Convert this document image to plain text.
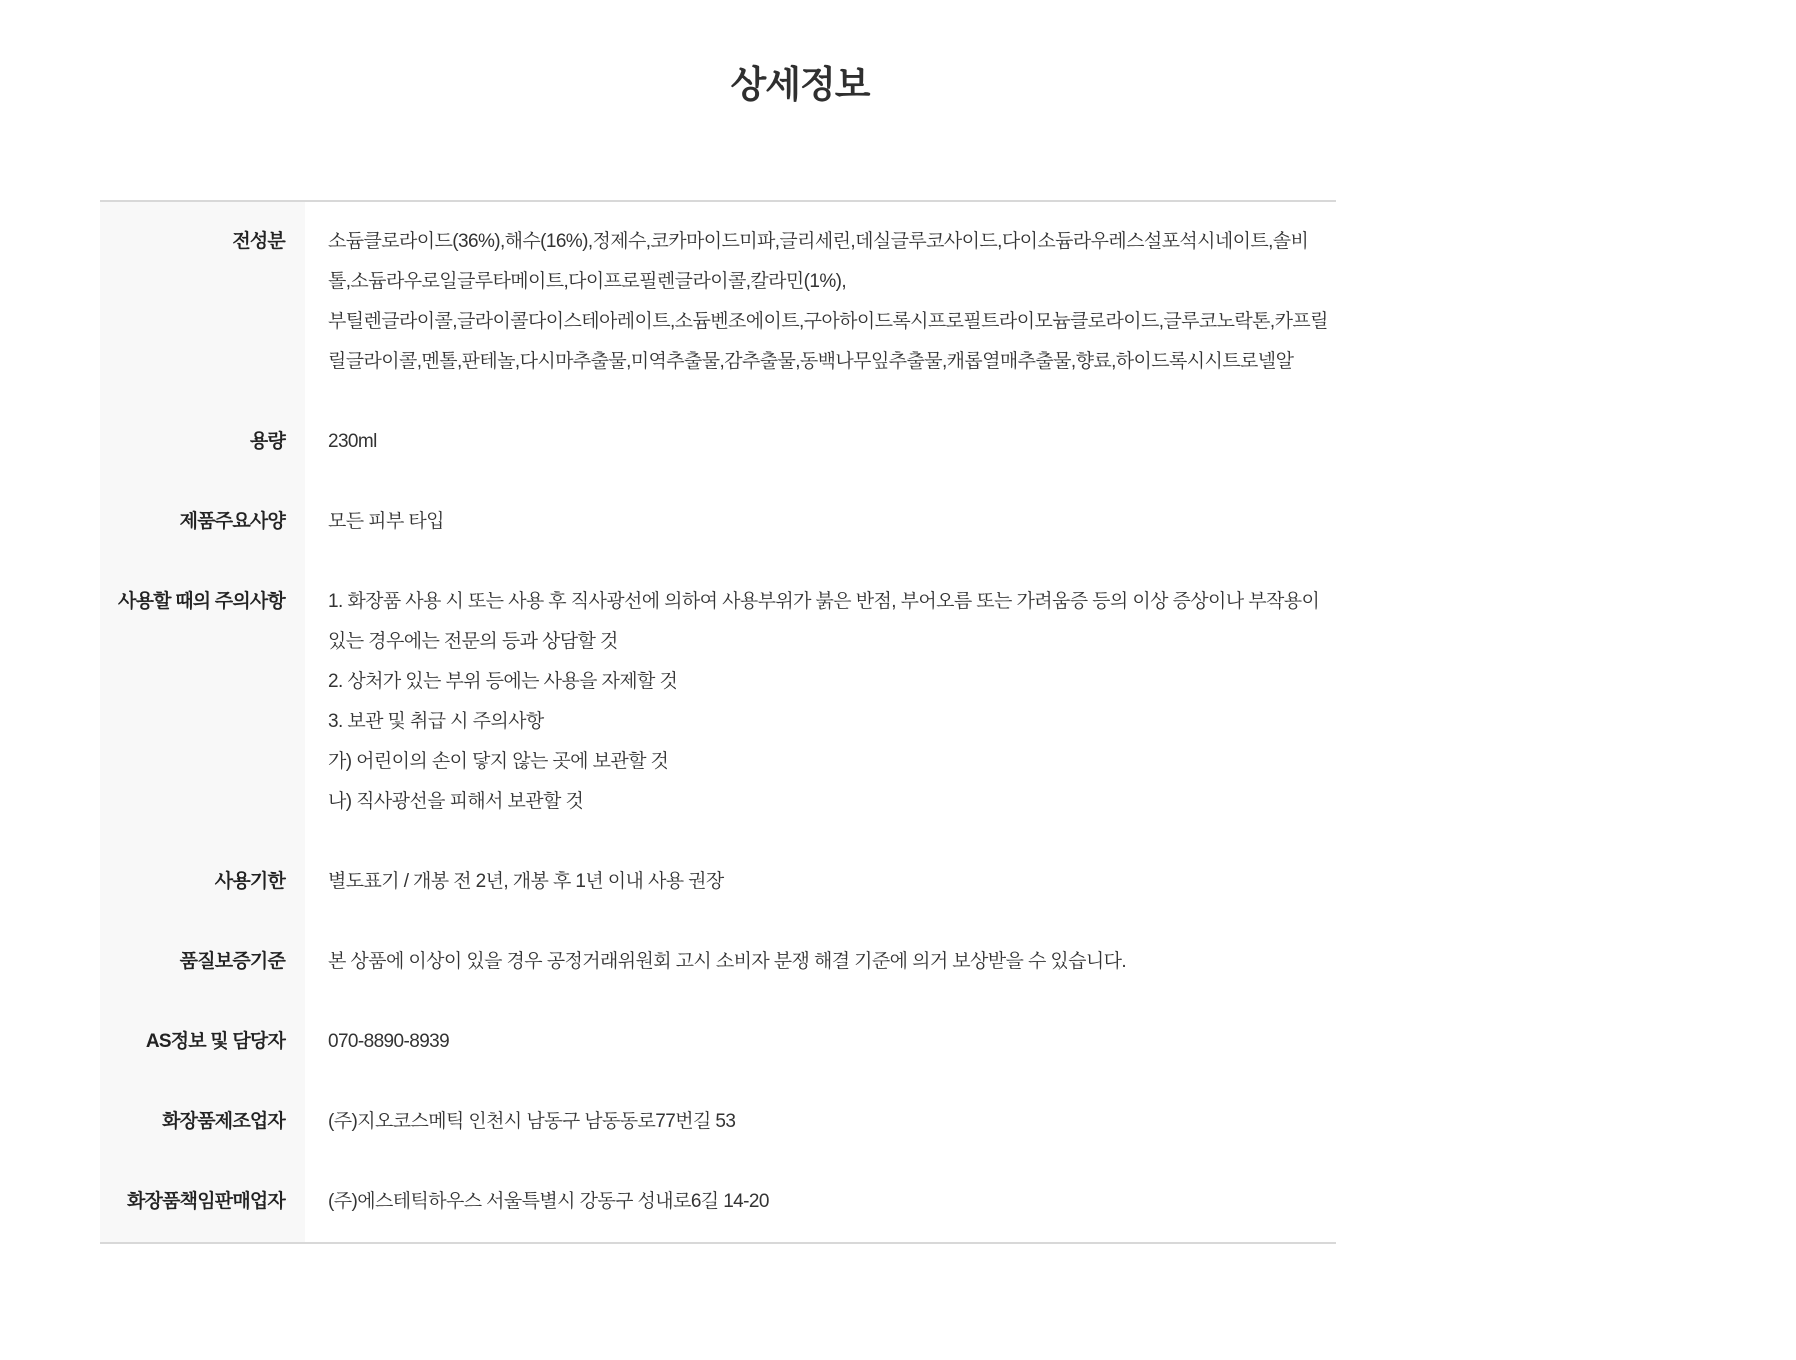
상세정보
전성분	소듐클로라이드(36%),해수(16%),정제수,코카마이드미파,글리세린,데실글루코사이드,다이소듐라우레스설포석시네이트,솔비톨,소듐라우로일글루타메이트,다이프로필렌글라이콜,칼라민(1%),
부틸렌글라이콜,글라이콜다이스테아레이트,소듐벤조에이트,구아하이드록시프로필트라이모늄클로라이드,글루코노락톤,카프릴릴글라이콜,멘톨,판테놀,다시마추출물,미역추출물,감추출물,동백나무잎추출물,캐롭열매추출물,향료,하이드록시시트로넬알
용량	230ml
제품주요사양	모든 피부 타입
사용할 때의 주의사항	1. 화장품 사용 시 또는 사용 후 직사광선에 의하여 사용부위가 붉은 반점, 부어오름 또는 가려움증 등의 이상 증상이나 부작용이 있는 경우에는 전문의 등과 상담할 것
2. 상처가 있는 부위 등에는 사용을 자제할 것
3. 보관 및 취급 시 주의사항
가) 어린이의 손이 닿지 않는 곳에 보관할 것
나) 직사광선을 피해서 보관할 것
사용기한	별도표기 / 개봉 전 2년, 개봉 후 1년 이내 사용 권장
품질보증기준	본 상품에 이상이 있을 경우 공정거래위원회 고시 소비자 분쟁 해결 기준에 의거 보상받을 수 있습니다.
AS정보 및 담당자	070-8890-8939
화장품제조업자	(주)지오코스메틱 인천시 남동구 남동동로77번길 53
화장품책임판매업자	(주)에스테틱하우스 서울특별시 강동구 성내로6길 14-20
